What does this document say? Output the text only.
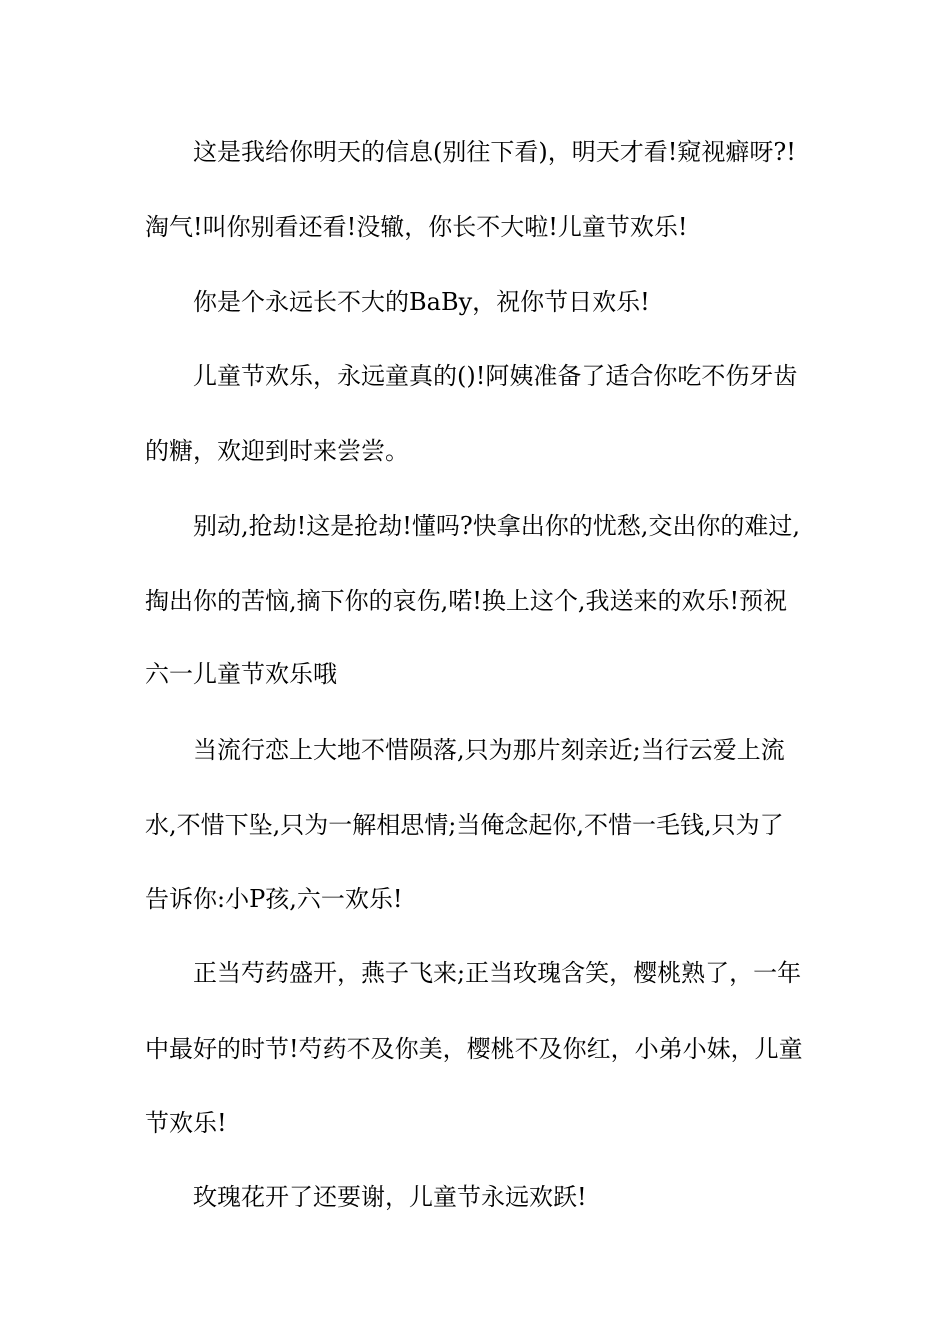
这是我给你明天的信息(别往下看)，明天才看!窥视癖呀?!
淘气!叫你别看还看!没辙，你长不大啦!儿童节欢乐!
你是个永远长不大的BaBy，祝你节日欢乐!
儿童节欢乐，永远童真的()!阿姨准备了适合你吃不伤牙齿
的糖，欢迎到时来尝尝。
别动,抢劫!这是抢劫!懂吗?快拿出你的忧愁,交出你的难过,
掏出你的苦恼,摘下你的哀伤,喏!换上这个,我送来的欢乐!预祝
六一儿童节欢乐哦
当流行恋上大地不惜陨落,只为那片刻亲近;当行云爱上流
水,不惜下坠,只为一解相思情;当俺念起你,不惜一毛钱,只为了
告诉你:小P孩,六一欢乐!
正当芍药盛开，燕子飞来;正当玫瑰含笑，樱桃熟了，一年
中最好的时节!芍药不及你美，樱桃不及你红，小弟小妹，儿童
节欢乐!
玫瑰花开了还要谢，儿童节永远欢跃!
